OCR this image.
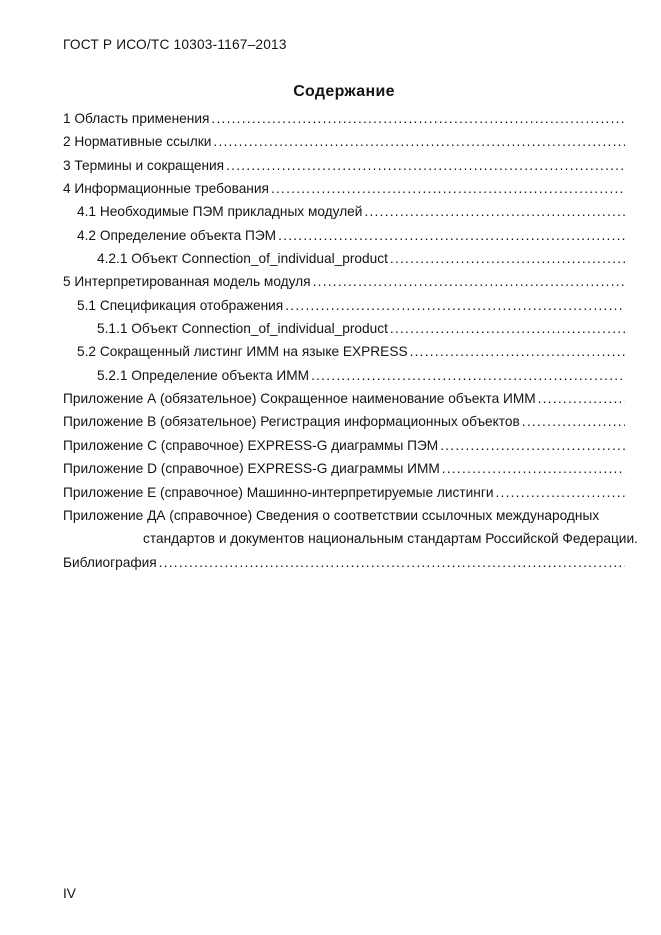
ГОСТ Р ИСО/ТС 10303-1167–2013
Содержание
1 Область применения
.....
2 Нормативные ссылки
.....
3 Термины и сокращения
.....
4 Информационные требования
.....
4.1 Необходимые ПЭМ прикладных модулей
.....
4.2 Определение объекта ПЭМ
.....
4.2.1 Объект Connection_of_individual_product
.....
5 Интерпретированная модель модуля
.....
5.1 Спецификация отображения
.....
5.1.1 Объект Connection_of_individual_product
.....
5.2 Сокращенный листинг ИММ на языке EXPRESS
.....
5.2.1 Определение объекта ИММ
.....
Приложение А (обязательное) Сокращенное наименование объекта ИММ
.....
Приложение В (обязательное) Регистрация информационных объектов
.....
Приложение С (справочное) EXPRESS-G диаграммы ПЭМ
.....
Приложение D (справочное) EXPRESS-G диаграммы ИММ
.....
Приложение Е (справочное) Машинно-интерпретируемые листинги
.....
Приложение ДА (справочное) Сведения о соответствии ссылочных международных
стандартов и документов национальным стандартам Российской Федерации.
Библиография
.....
IV
